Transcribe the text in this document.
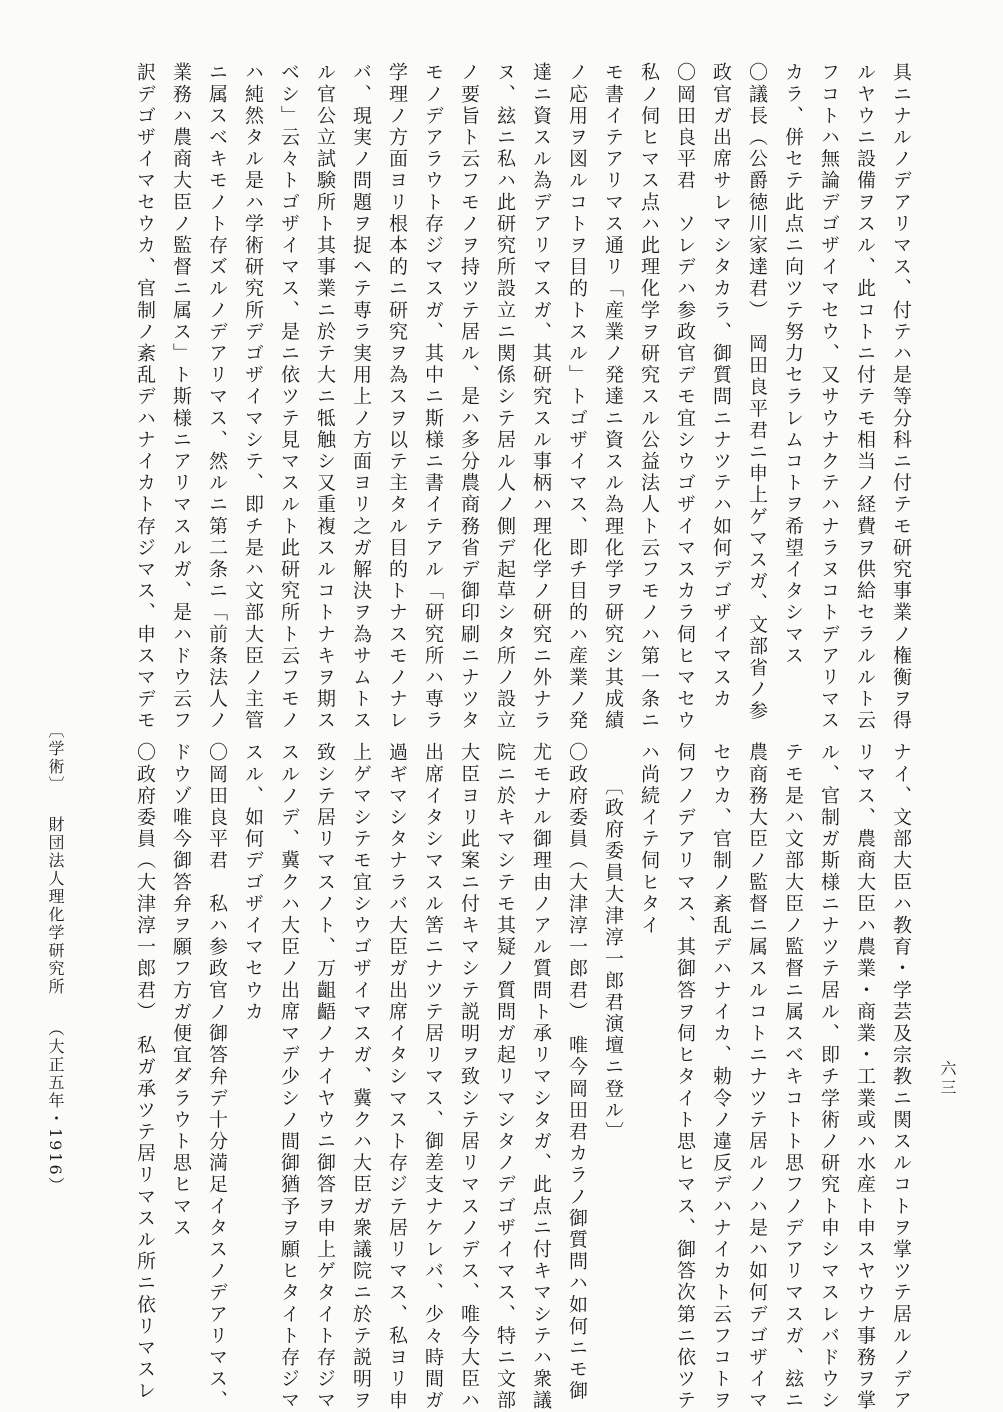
具ニナルノデアリマス、付テハ是等分科ニ付テモ研究事業ノ権衡ヲ得
ルヤウニ設備ヲスル、此コトニ付テモ相当ノ経費ヲ供給セラルルト云
フコトハ無論デゴザイマセウ、又サウナクテハナラヌコトデアリマス
カラ、併セテ此点ニ向ツテ努力セラレムコトヲ希望イタシマス
〇議長（公爵徳川家達君）　岡田良平君ニ申上ゲマスガ、文部省ノ参
政官ガ出席サレマシタカラ、御質問ニナツテハ如何デゴザイマスカ
〇岡田良平君　ソレデハ参政官デモ宜シウゴザイマスカラ伺ヒマセウ
私ノ伺ヒマス点ハ此理化学ヲ研究スル公益法人ト云フモノハ第一条ニ
モ書イテアリマス通リ「産業ノ発達ニ資スル為理化学ヲ研究シ其成績
ノ応用ヲ図ルコトヲ目的トスル」トゴザイマス、即チ目的ハ産業ノ発
達ニ資スル為デアリマスガ、其研究スル事柄ハ理化学ノ研究ニ外ナラ
ヌ、玆ニ私ハ此研究所設立ニ関係シテ居ル人ノ側デ起草シタ所ノ設立
ノ要旨ト云フモノヲ持ツテ居ル、是ハ多分農商務省デ御印刷ニナツタ
モノデアラウト存ジマスガ、其中ニ斯様ニ書イテアル「研究所ハ専ラ
学理ノ方面ヨリ根本的ニ研究ヲ為スヲ以テ主タル目的トナスモノナレ
バ、現実ノ問題ヲ捉ヘテ専ラ実用上ノ方面ヨリ之ガ解決ヲ為サムトス
ル官公立試験所ト其事業ニ於テ大ニ牴触シ又重複スルコトナキヲ期ス
ベシ」云々トゴザイマス、是ニ依ツテ見マスルト此研究所ト云フモノ
ハ純然タル是ハ学術研究所デゴザイマシテ、即チ是ハ文部大臣ノ主管
ニ属スベキモノト存ズルノデアリマス、然ルニ第二条ニ「前条法人ノ
業務ハ農商大臣ノ監督ニ属ス」ト斯様ニアリマスルガ、是ハドウ云フ
訳デゴザイマセウカ、官制ノ紊乱デハナイカト存ジマス、申スマデモ
ナイ、文部大臣ハ教育・学芸及宗教ニ関スルコトヲ掌ツテ居ルノデア
リマス、農商大臣ハ農業・商業・工業或ハ水産ト申スヤウナ事務ヲ掌
ル、官制ガ斯様ニナツテ居ル、即チ学術ノ研究ト申シマスレバドウシ
テモ是ハ文部大臣ノ監督ニ属スベキコトト思フノデアリマスガ、玆ニ
農商務大臣ノ監督ニ属スルコトニナツテ居ルノハ是ハ如何デゴザイマ
セウカ、官制ノ紊乱デハナイカ、勅令ノ違反デハナイカト云フコトヲ
伺フノデアリマス、其御答ヲ伺ヒタイト思ヒマス、御答次第ニ依ツテ
ハ尚続イテ伺ヒタイ
　　〔政府委員大津淳一郎君演壇ニ登ル〕
〇政府委員（大津淳一郎君）　唯今岡田君カラノ御質問ハ如何ニモ御
尤モナル御理由ノアル質問ト承リマシタガ、此点ニ付キマシテハ衆議
院ニ於キマシテモ其疑ノ質問ガ起リマシタノデゴザイマス、特ニ文部
大臣ヨリ此案ニ付キマシテ説明ヲ致シテ居リマスノデス、唯今大臣ハ
出席イタシマスル筈ニナツテ居リマス、御差支ナケレバ、少々時間ガ
過ギマシタナラバ大臣ガ出席イタシマスト存ジテ居リマス、私ヨリ申
上ゲマシテモ宜シウゴザイマスガ、冀クハ大臣ガ衆議院ニ於テ説明ヲ
致シテ居リマスノト、万齟齬ノナイヤウニ御答ヲ申上ゲタイト存ジマ
スルノデ、冀クハ大臣ノ出席マデ少シノ間御猶予ヲ願ヒタイト存ジマ
スル、如何デゴザイマセウカ
〇岡田良平君　私ハ参政官ノ御答弁デ十分満足イタスノデアリマス、
ドウゾ唯今御答弁ヲ願フ方ガ便宜ダラウト思ヒマス
〇政府委員（大津淳一郎君）　私ガ承ツテ居リマスル所ニ依リマスレ	六三
〔学術〕
財団法人理化学研究所
（大正五年・1916）
